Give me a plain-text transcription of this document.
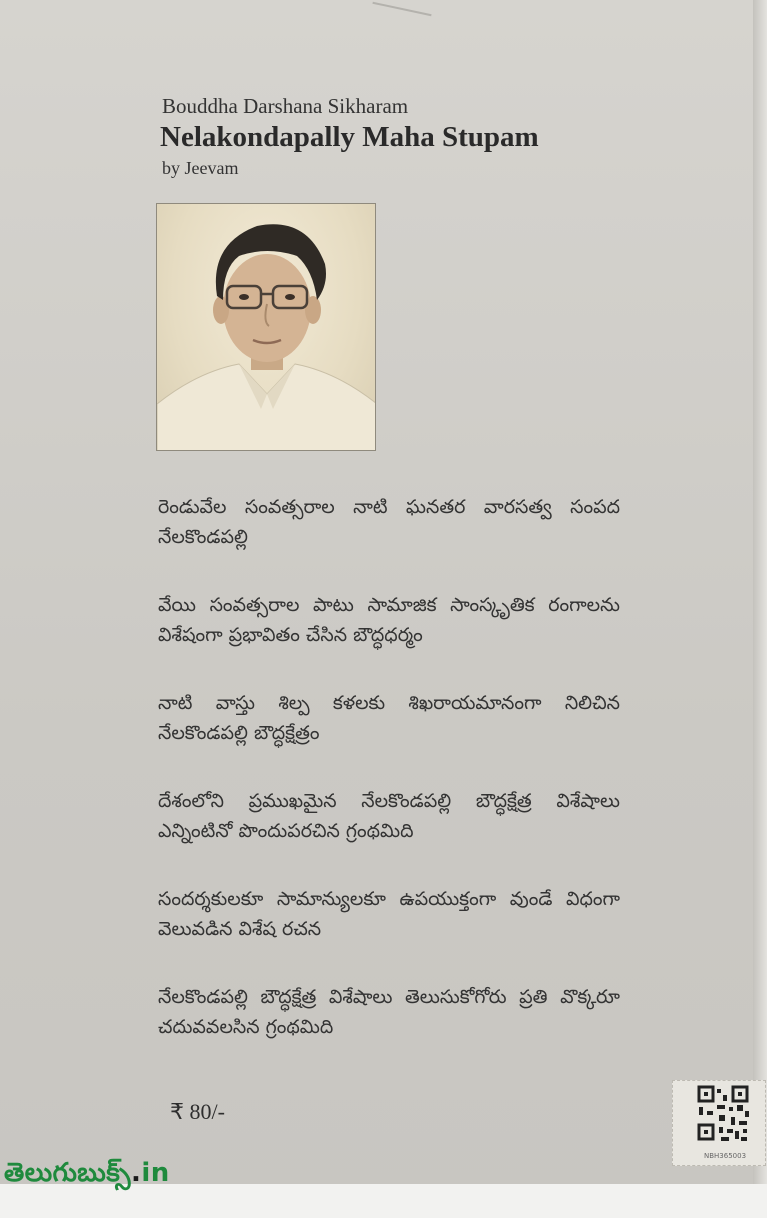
Bouddha Darshana Sikharam
Nelakondapally Maha Stupam
by Jeevam

రెండువేల సంవత్సరాల నాటి ఘనతర వారసత్వ సంపద నేలకొండపల్లి

వేయి సంవత్సరాల పాటు సామాజిక సాంస్కృతిక రంగాలను విశేషంగా ప్రభావితం చేసిన బౌద్ధధర్మం

నాటి వాస్తు శిల్ప కళలకు శిఖరాయమానంగా నిలిచిన నేలకొండపల్లి బౌద్ధక్షేత్రం

దేశంలోని ప్రముఖమైన నేలకొండపల్లి బౌద్ధక్షేత్ర విశేషాలు ఎన్నింటినో పొందుపరచిన గ్రంథమిది

సందర్శకులకూ సామాన్యులకూ ఉపయుక్తంగా వుండే విధంగా వెలువడిన విశేష రచన

నేలకొండపల్లి బౌద్ధక్షేత్ర విశేషాలు తెలుసుకోగోరు ప్రతి వొక్కరూ చదువవలసిన గ్రంథమిది

₹ 80/-
NBH365003
తెలుగుబుక్స్.in
